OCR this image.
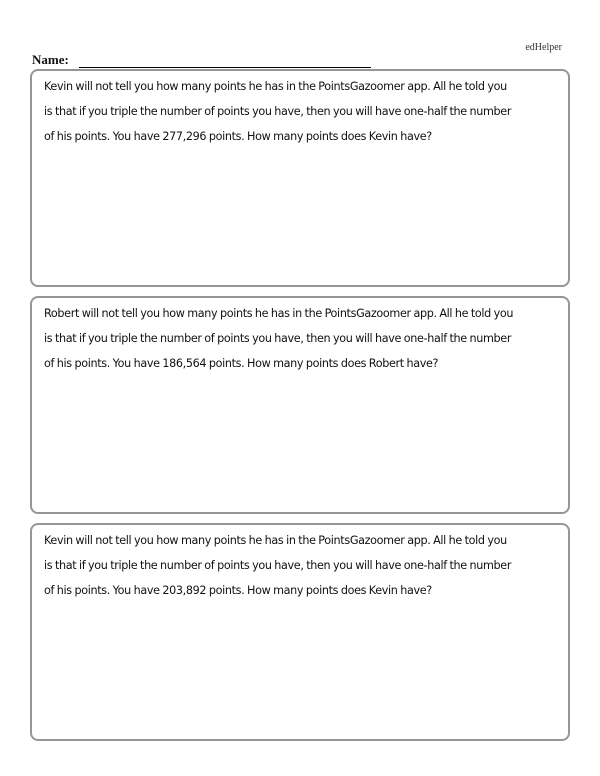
edHelper
Name:
Kevin will not tell you how many points he has in the PointsGazoomer app. All he told you
is that if you triple the number of points you have, then you will have one-half the number
of his points. You have 277,296 points. How many points does Kevin have?
Robert will not tell you how many points he has in the PointsGazoomer app. All he told you
is that if you triple the number of points you have, then you will have one-half the number
of his points. You have 186,564 points. How many points does Robert have?
Kevin will not tell you how many points he has in the PointsGazoomer app. All he told you
is that if you triple the number of points you have, then you will have one-half the number
of his points. You have 203,892 points. How many points does Kevin have?
